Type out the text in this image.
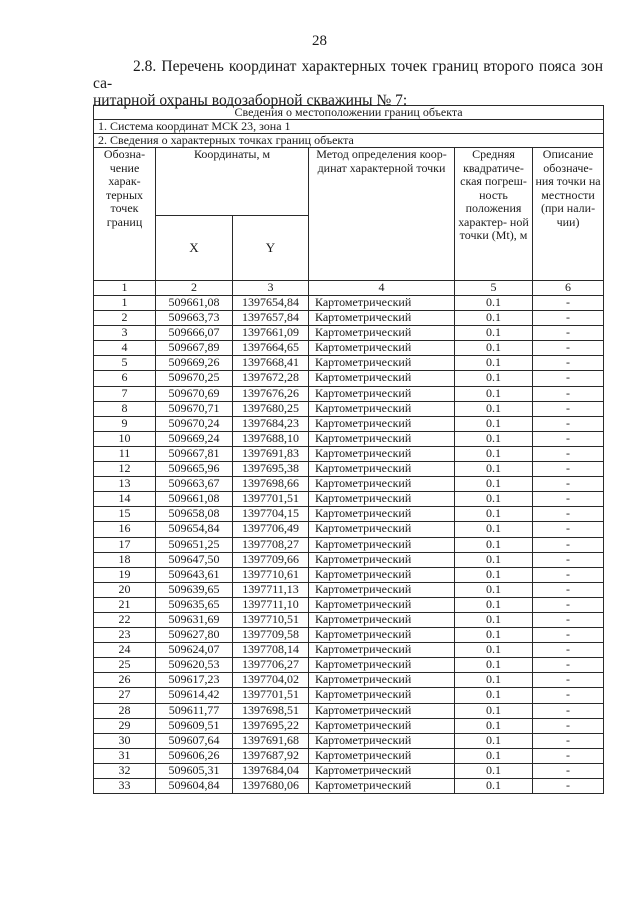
28
2.8. Перечень координат характерных точек границ второго пояса зон са-
нитарной охраны водозаборной скважины № 7:
Сведения о местоположении границ объекта					
1. Система координат МСК 23, зона 1					
2. Сведения о характерных точках границ объекта					
Обозна- чение харак- терных точек границ	Координаты, м		Метод определения коор- динат характерной точки	Средняя квадратиче- ская погреш- ность положения характер- ной точки (Mt), м	Описание обозначе- ния точки на местности (при нали- чии)
	X	Y			
1	2	3	4	5	6
1	509661,08	1397654,84	Картометрический	0.1	-
2	509663,73	1397657,84	Картометрический	0.1	-
3	509666,07	1397661,09	Картометрический	0.1	-
4	509667,89	1397664,65	Картометрический	0.1	-
5	509669,26	1397668,41	Картометрический	0.1	-
6	509670,25	1397672,28	Картометрический	0.1	-
7	509670,69	1397676,26	Картометрический	0.1	-
8	509670,71	1397680,25	Картометрический	0.1	-
9	509670,24	1397684,23	Картометрический	0.1	-
10	509669,24	1397688,10	Картометрический	0.1	-
11	509667,81	1397691,83	Картометрический	0.1	-
12	509665,96	1397695,38	Картометрический	0.1	-
13	509663,67	1397698,66	Картометрический	0.1	-
14	509661,08	1397701,51	Картометрический	0.1	-
15	509658,08	1397704,15	Картометрический	0.1	-
16	509654,84	1397706,49	Картометрический	0.1	-
17	509651,25	1397708,27	Картометрический	0.1	-
18	509647,50	1397709,66	Картометрический	0.1	-
19	509643,61	1397710,61	Картометрический	0.1	-
20	509639,65	1397711,13	Картометрический	0.1	-
21	509635,65	1397711,10	Картометрический	0.1	-
22	509631,69	1397710,51	Картометрический	0.1	-
23	509627,80	1397709,58	Картометрический	0.1	-
24	509624,07	1397708,14	Картометрический	0.1	-
25	509620,53	1397706,27	Картометрический	0.1	-
26	509617,23	1397704,02	Картометрический	0.1	-
27	509614,42	1397701,51	Картометрический	0.1	-
28	509611,77	1397698,51	Картометрический	0.1	-
29	509609,51	1397695,22	Картометрический	0.1	-
30	509607,64	1397691,68	Картометрический	0.1	-
31	509606,26	1397687,92	Картометрический	0.1	-
32	509605,31	1397684,04	Картометрический	0.1	-
33	509604,84	1397680,06	Картометрический	0.1	-
